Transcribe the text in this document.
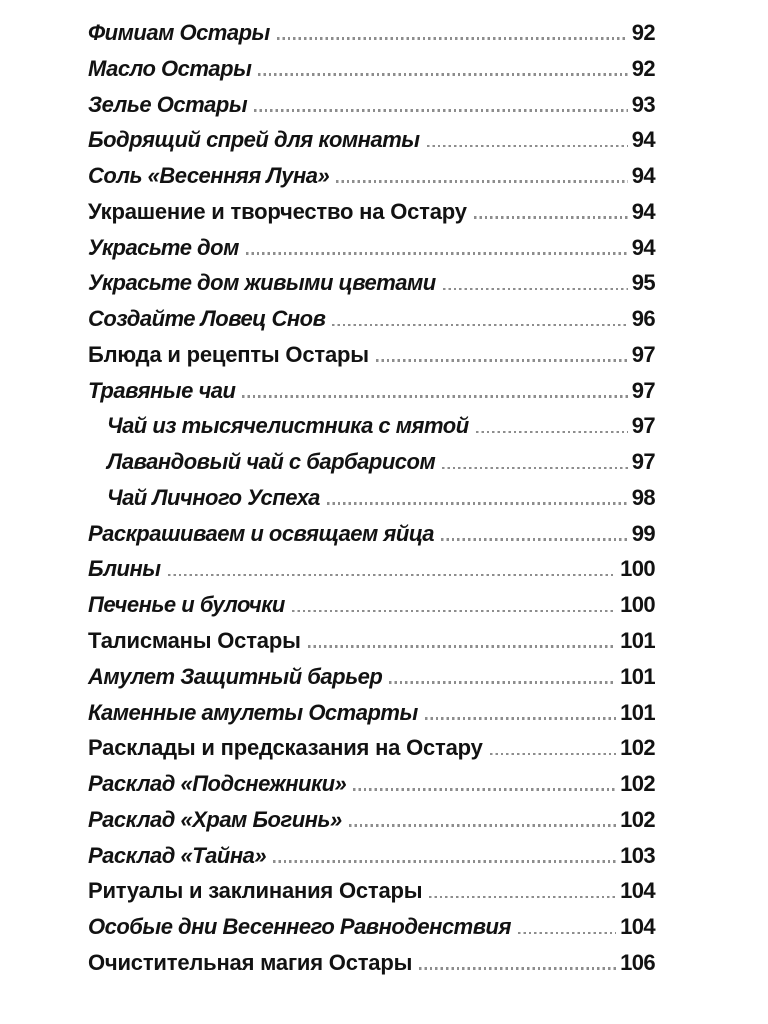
Фимиам Остары	92
Масло Остары	92
Зелье Остары	93
Бодрящий спрей для комнаты	94
Соль «Весенняя Луна»	94
Украшение и творчество на Остару	94
Украсьте дом	94
Украсьте дом живыми цветами	95
Создайте Ловец Снов	96
Блюда и рецепты Остары	97
Травяные чаи	97
Чай из тысячелистника с мятой	97
Лавандовый чай с барбарисом	97
Чай Личного Успеха	98
Раскрашиваем и освящаем яйца	99
Блины	100
Печенье и булочки	100
Талисманы Остары	101
Амулет Защитный барьер	101
Каменные амулеты Остарты	101
Расклады и предсказания на Остару	102
Расклад «Подснежники»	102
Расклад «Храм Богинь»	102
Расклад «Тайна»	103
Ритуалы и заклинания Остары	104
Особые дни Весеннего Равноденствия	104
Очистительная магия Остары	106
